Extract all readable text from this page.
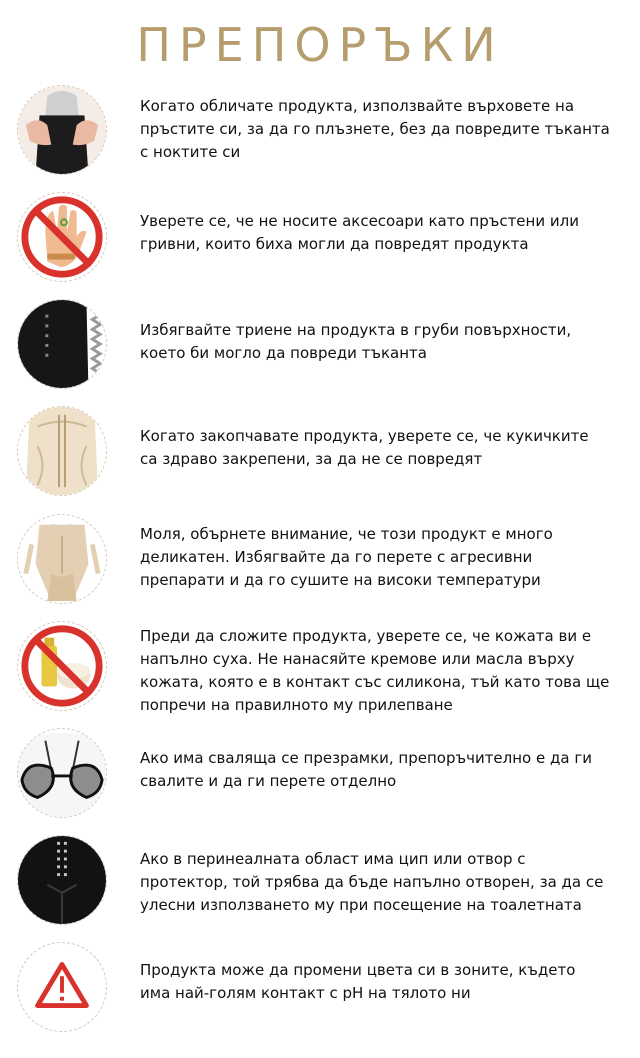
ПРЕПОРЪКИ
Когато обличате продукта, използвайте върховете на пръстите си, за да го плъзнете, без да повредите тъканта с ноктите си
Уверете се, че не носите аксесоари като пръстени или гривни, които биха могли да повредят продукта
Избягвайте триене на продукта в груби повърхности, което би могло да повреди тъканта
Когато закопчавате продукта, уверете се, че кукичките са здраво закрепени, за да не се повредят
Моля, обърнете внимание, че този продукт е много деликатен. Избягвайте да го перете с агресивни препарати и да го сушите на високи температури
Преди да сложите продукта, уверете се, че кожата ви е напълно суха. Не нанасяйте кремове или масла върху кожата, която е в контакт със силикона, тъй като това ще попречи на правилното му прилепване
Ако има сваляща се презрамки, препоръчително е да ги свалите и да ги перете отделно
Ако в перинеалната област има цип или отвор с протектор, той трябва да бъде напълно отворен, за да се улесни използването му при посещение на тоалетната
Продукта може да промени цвета си в зоните, където има най-голям контакт с pH на тялото ни
